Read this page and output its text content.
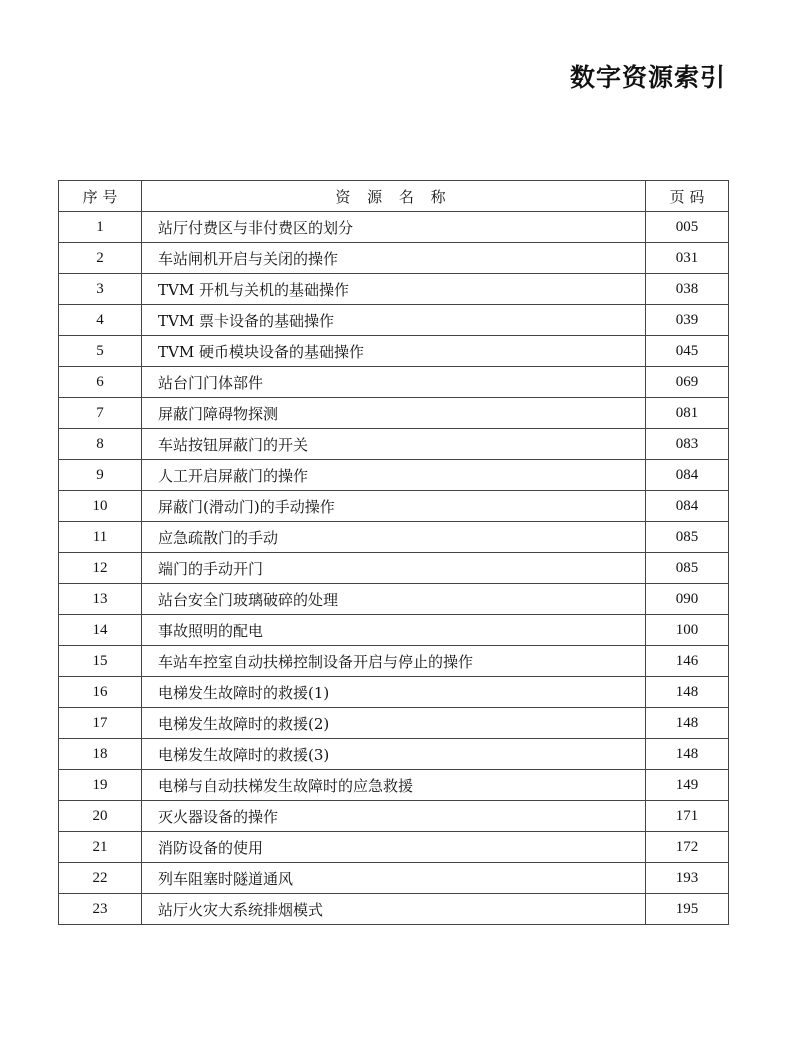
数字资源索引
序 号	资 源 名 称	页 码
1	站厅付费区与非付费区的划分	005
2	车站闸机开启与关闭的操作	031
3	TVM 开机与关机的基础操作	038
4	TVM 票卡设备的基础操作	039
5	TVM 硬币模块设备的基础操作	045
6	站台门门体部件	069
7	屏蔽门障碍物探测	081
8	车站按钮屏蔽门的开关	083
9	人工开启屏蔽门的操作	084
10	屏蔽门(滑动门)的手动操作	084
11	应急疏散门的手动	085
12	端门的手动开门	085
13	站台安全门玻璃破碎的处理	090
14	事故照明的配电	100
15	车站车控室自动扶梯控制设备开启与停止的操作	146
16	电梯发生故障时的救援(1)	148
17	电梯发生故障时的救援(2)	148
18	电梯发生故障时的救援(3)	148
19	电梯与自动扶梯发生故障时的应急救援	149
20	灭火器设备的操作	171
21	消防设备的使用	172
22	列车阻塞时隧道通风	193
23	站厅火灾大系统排烟模式	195
